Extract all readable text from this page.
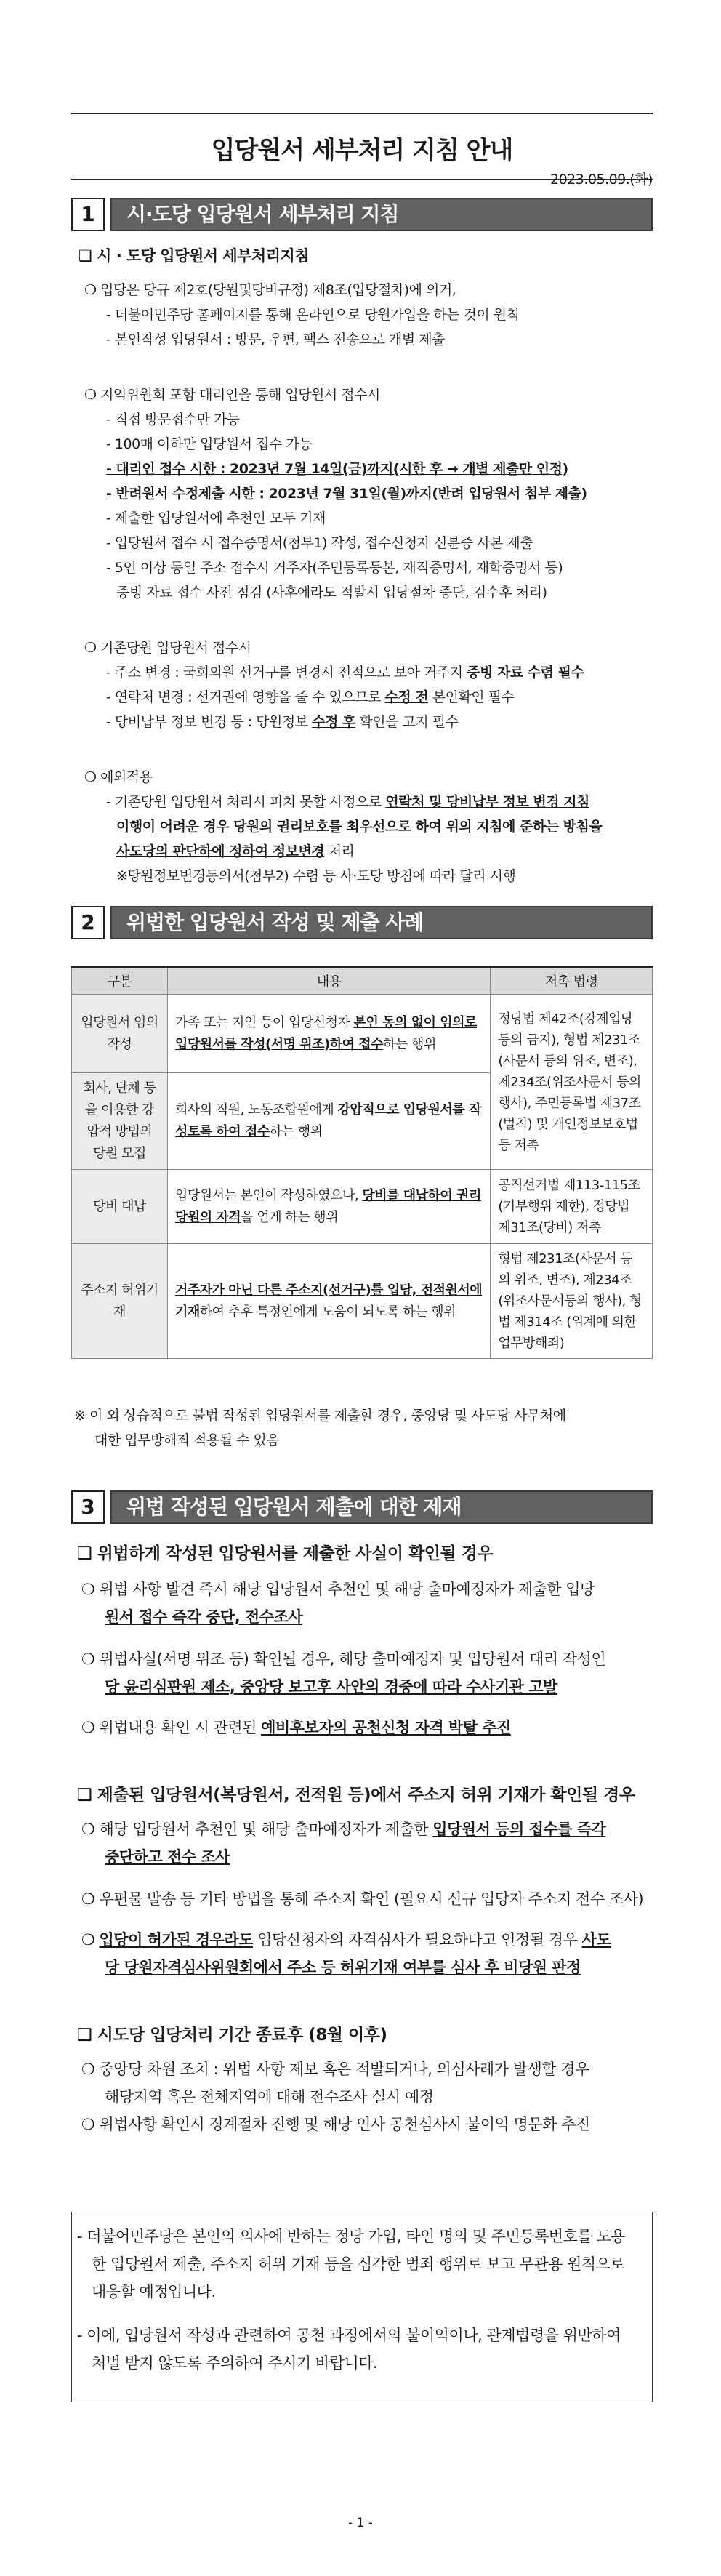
입당원서 세부처리 지침 안내
2023.05.09.(화)
1	시·도당 입당원서 세부처리 지침
❑ 시 · 도당 입당원서 세부처리지침
❍ 입당은 당규 제2호(당원및당비규정) 제8조(입당절차)에 의거,
- 더불어민주당 홈페이지를 통해 온라인으로 당원가입을 하는 것이 원칙
- 본인작성 입당원서 : 방문, 우편, 팩스 전송으로 개별 제출
❍ 지역위원회 포함 대리인을 통해 입당원서 접수시
- 직접 방문접수만 가능
- 100매 이하만 입당원서 접수 가능
- 대리인 접수 시한 : 2023년 7월 14일(금)까지(시한 후 → 개별 제출만 인정)
- 반려원서 수정제출 시한 : 2023년 7월 31일(월)까지(반려 입당원서 첨부 제출)
- 제출한 입당원서에 추천인 모두 기재
- 입당원서 접수 시 접수증명서(첨부1) 작성, 접수신청자 신분증 사본 제출
- 5인 이상 동일 주소 접수시 거주자(주민등록등본, 재직증명서, 재학증명서 등)
증빙 자료 접수 사전 점검 (사후에라도 적발시 입당절차 중단, 검수후 처리)
❍ 기존당원 입당원서 접수시
- 주소 변경 : 국회의원 선거구를 변경시 전적으로 보아 거주지 증빙 자료 수렴 필수
- 연락처 변경 : 선거권에 영향을 줄 수 있으므로 수정 전 본인확인 필수
- 당비납부 정보 변경 등 : 당원정보 수정 후 확인을 고지 필수
❍ 예외적용
- 기존당원 입당원서 처리시 피치 못할 사정으로 연락처 및 당비납부 정보 변경 지침
이행이 어려운 경우 당원의 권리보호를 최우선으로 하여 위의 지침에 준하는 방침을
사도당의 판단하에 정하여 정보변경 처리
※당원정보변경동의서(첨부2) 수렴 등 사·도당 방침에 따라 달리 시행
2	위법한 입당원서 작성 및 제출 사례
구분	내용	저촉 법령
입당원서 임의 작성	가족 또는 지인 등이 입당신청자 본인 동의 없이 임의로 입당원서를 작성(서명 위조)하여 접수하는 행위	정당법 제42조(강제입당 등의 금지), 형법 제231조(사문서 등의 위조, 변조), 제234조(위조사문서 등의 행사), 주민등록법 제37조(벌칙) 및 개인정보보호법 등 저촉
회사, 단체 등을 이용한 강압적 방법의 당원 모집	회사의 직원, 노동조합원에게 강압적으로 입당원서를 작성토록 하여 접수하는 행위	
당비 대납	입당원서는 본인이 작성하였으나, 당비를 대납하여 권리당원의 자격을 얻게 하는 행위	공직선거법 제113-115조(기부행위 제한), 정당법 제31조(당비) 저촉
주소지 허위기재	거주자가 아닌 다른 주소지(선거구)를 입당, 전적원서에 기재하여 추후 특정인에게 도움이 되도록 하는 행위	형법 제231조(사문서 등의 위조, 변조), 제234조(위조사문서등의 행사), 형법 제314조 (위계에 의한 업무방해죄)
※ 이 외 상습적으로 불법 작성된 입당원서를 제출할 경우, 중앙당 및 사도당 사무처에
대한 업무방해죄 적용될 수 있음
3	위법 작성된 입당원서 제출에 대한 제재
❑ 위법하게 작성된 입당원서를 제출한 사실이 확인될 경우
❍ 위법 사항 발견 즉시 해당 입당원서 추천인 및 해당 출마예정자가 제출한 입당
원서 접수 즉각 중단, 전수조사
❍ 위법사실(서명 위조 등) 확인될 경우, 해당 출마예정자 및 입당원서 대리 작성인
당 윤리심판원 제소, 중앙당 보고후 사안의 경중에 따라 수사기관 고발
❍ 위법내용 확인 시 관련된 예비후보자의 공천신청 자격 박탈 추진
❑ 제출된 입당원서(복당원서, 전적원 등)에서 주소지 허위 기재가 확인될 경우
❍ 해당 입당원서 추천인 및 해당 출마예정자가 제출한 입당원서 등의 접수를 즉각
중단하고 전수 조사
❍ 우편물 발송 등 기타 방법을 통해 주소지 확인 (필요시 신규 입당자 주소지 전수 조사)
❍ 입당이 허가된 경우라도 입당신청자의 자격심사가 필요하다고 인정될 경우 사도
당 당원자격심사위원회에서 주소 등 허위기재 여부를 심사 후 비당원 판정
❑ 시도당 입당처리 기간 종료후 (8월 이후)
❍ 중앙당 차원 조치 : 위법 사항 제보 혹은 적발되거나, 의심사례가 발생할 경우
해당지역 혹은 전체지역에 대해 전수조사 실시 예정
❍ 위법사항 확인시 징계절차 진행 및 해당 인사 공천심사시 불이익 명문화 추진
- 더불어민주당은 본인의 의사에 반하는 정당 가입, 타인 명의 및 주민등록번호를 도용
한 입당원서 제출, 주소지 허위 기재 등을 심각한 범죄 행위로 보고 무관용 원칙으로
대응할 예정입니다.
- 이에, 입당원서 작성과 관련하여 공천 과정에서의 불이익이나, 관계법령을 위반하여
처벌 받지 않도록 주의하여 주시기 바랍니다.
- 1 -
